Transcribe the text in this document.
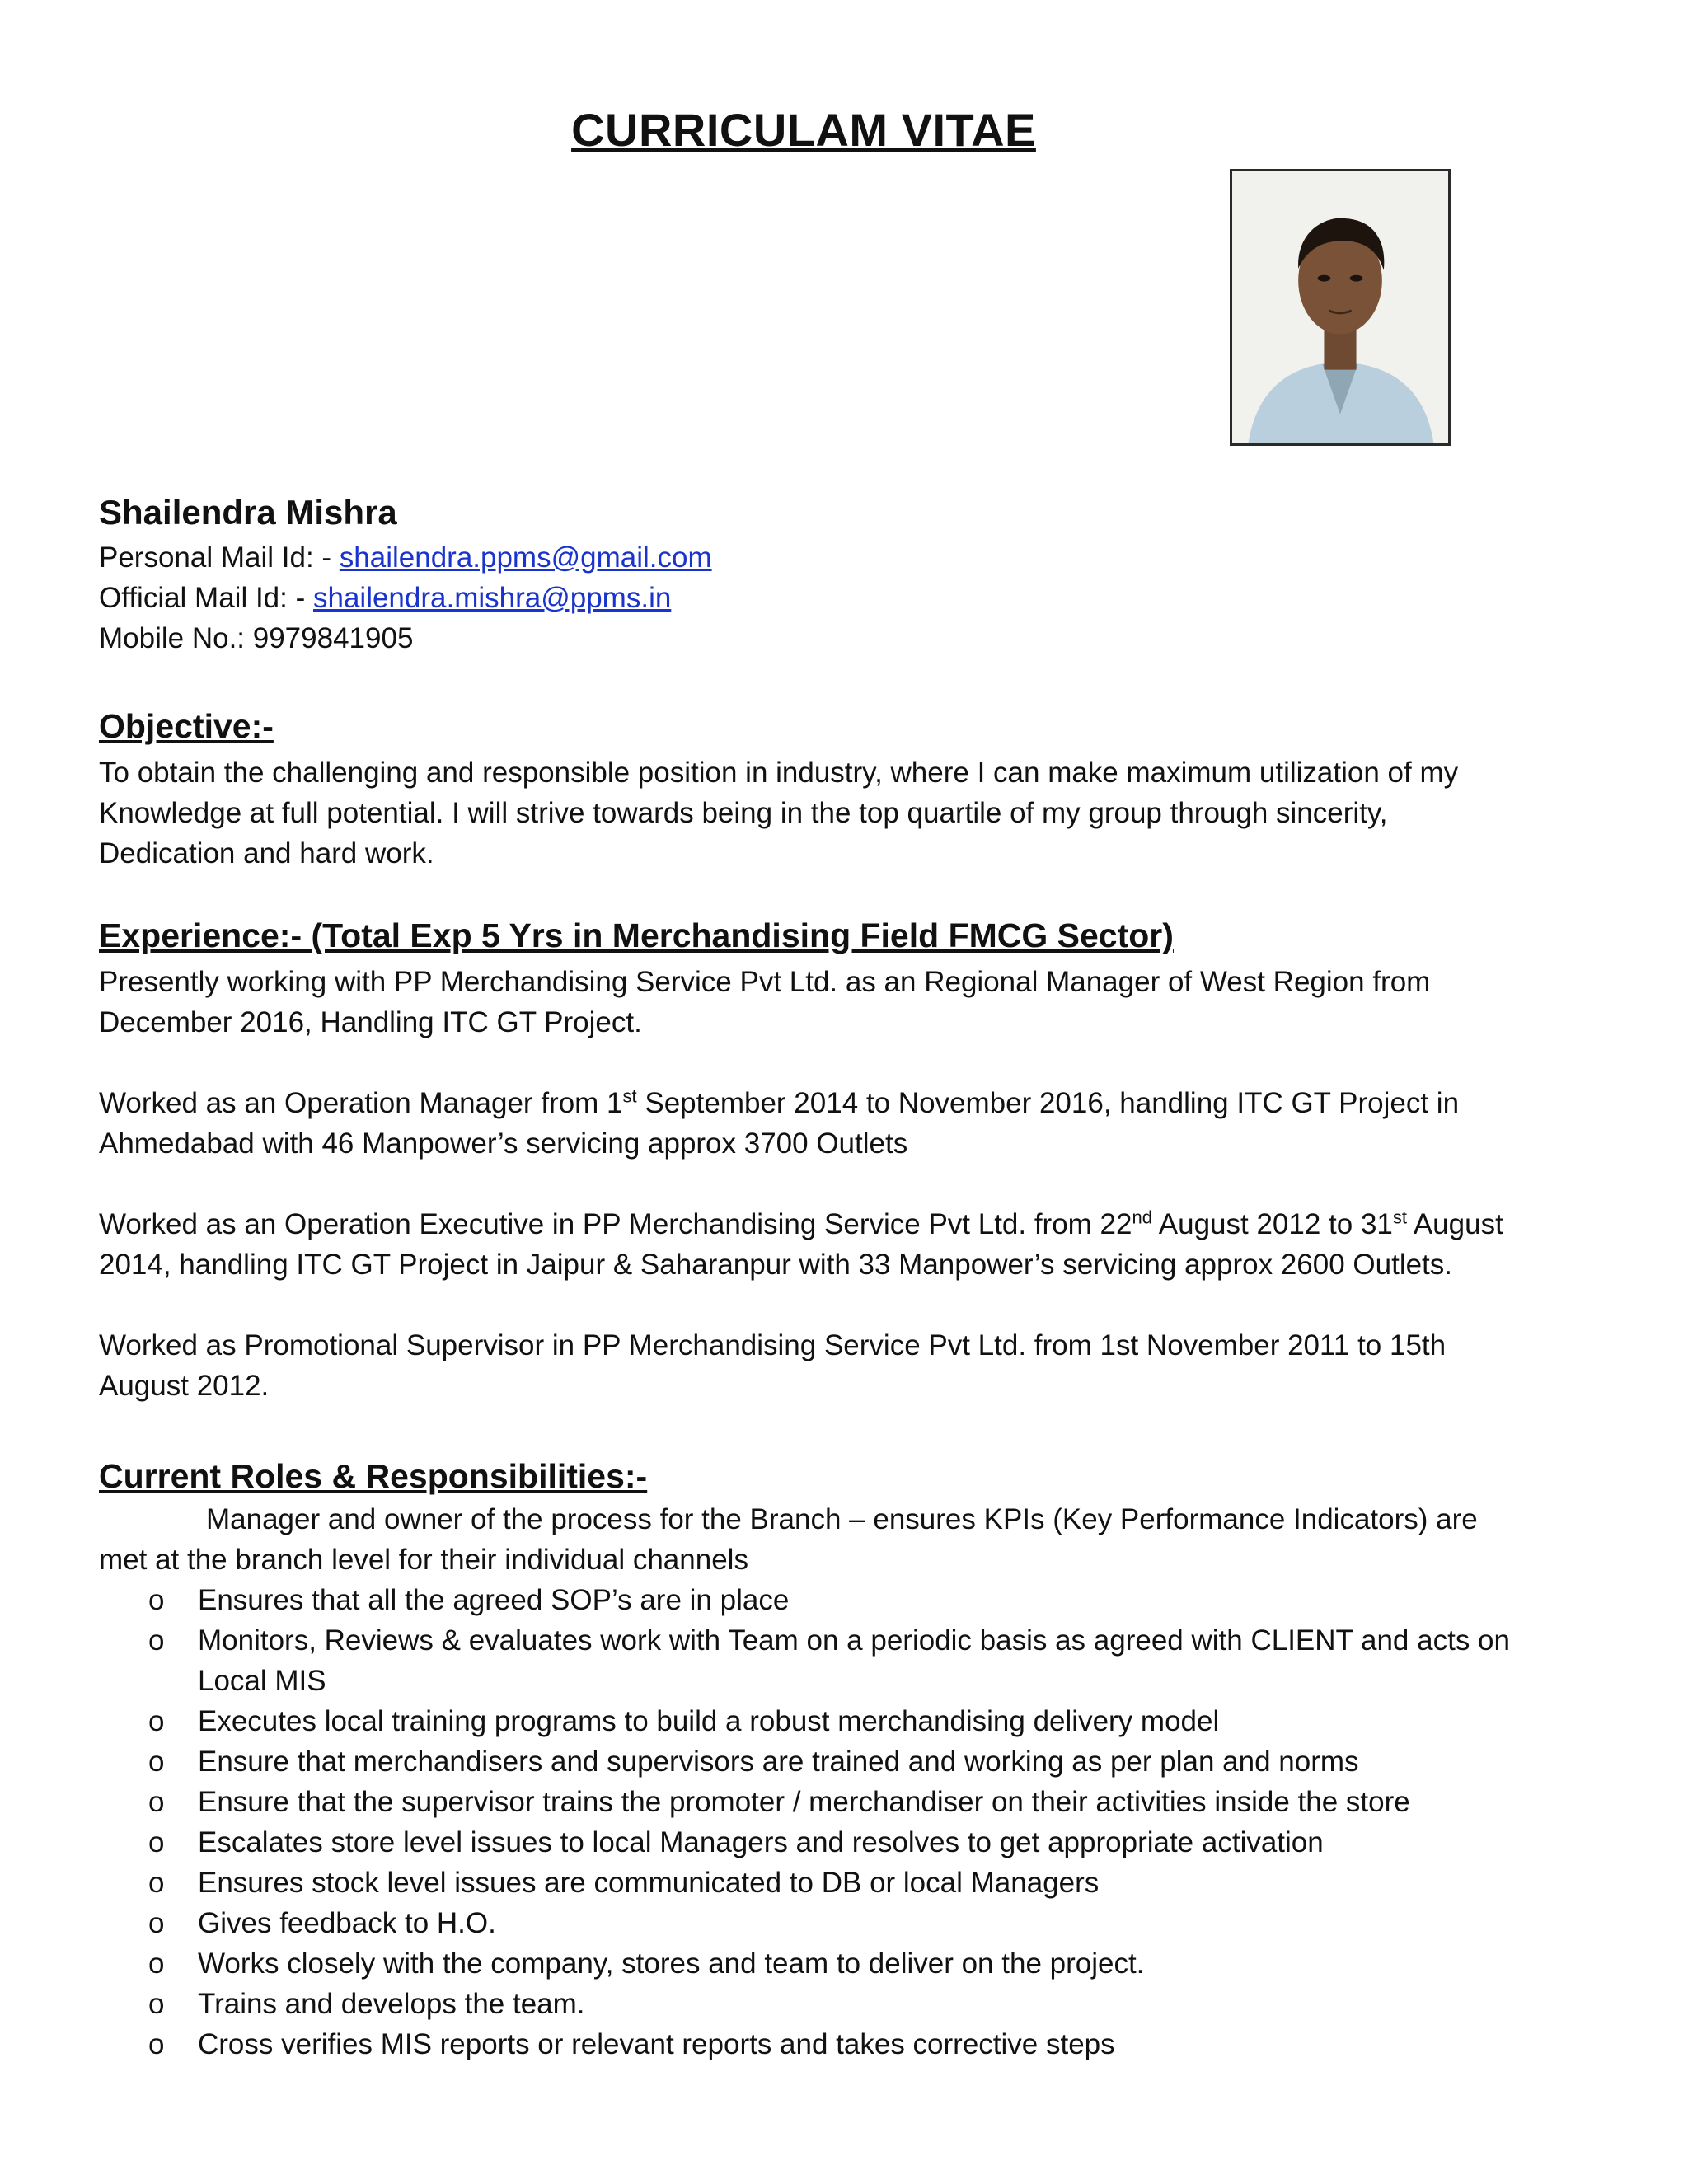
CURRICULAM VITAE
Shailendra Mishra
Personal Mail Id: - shailendra.ppms@gmail.com
Official Mail Id: - shailendra.mishra@ppms.in
Mobile No.: 9979841905
Objective:-
To obtain the challenging and responsible position in industry, where I can make maximum utilization of my
Knowledge at full potential. I will strive towards being in the top quartile of my group through sincerity,
Dedication and hard work.
Experience:- (Total Exp 5 Yrs in Merchandising Field FMCG Sector)
Presently working with PP Merchandising Service Pvt Ltd. as an Regional Manager of West Region from
December 2016, Handling ITC GT Project.
Worked as an Operation Manager from 1st September 2014 to November 2016, handling ITC GT Project in
Ahmedabad with 46 Manpower’s servicing approx 3700 Outlets
Worked as an Operation Executive in PP Merchandising Service Pvt Ltd. from 22nd August 2012 to 31st August
2014, handling ITC GT Project in Jaipur & Saharanpur with 33 Manpower’s servicing approx 2600 Outlets.
Worked as Promotional Supervisor in PP Merchandising Service Pvt Ltd. from 1st November 2011 to 15th
August 2012.
Current Roles & Responsibilities:-
Manager and owner of the process for the Branch – ensures KPIs (Key Performance Indicators) are
met at the branch level for their individual channels
o Ensures that all the agreed SOP’s are in place
o Monitors, Reviews & evaluates work with Team on a periodic basis as agreed with CLIENT and acts on
Local MIS
o Executes local training programs to build a robust merchandising delivery model
o Ensure that merchandisers and supervisors are trained and working as per plan and norms
o Ensure that the supervisor trains the promoter / merchandiser on their activities inside the store
o Escalates store level issues to local Managers and resolves to get appropriate activation
o Ensures stock level issues are communicated to DB or local Managers
o Gives feedback to H.O.
o Works closely with the company, stores and team to deliver on the project.
o Trains and develops the team.
o Cross verifies MIS reports or relevant reports and takes corrective steps
